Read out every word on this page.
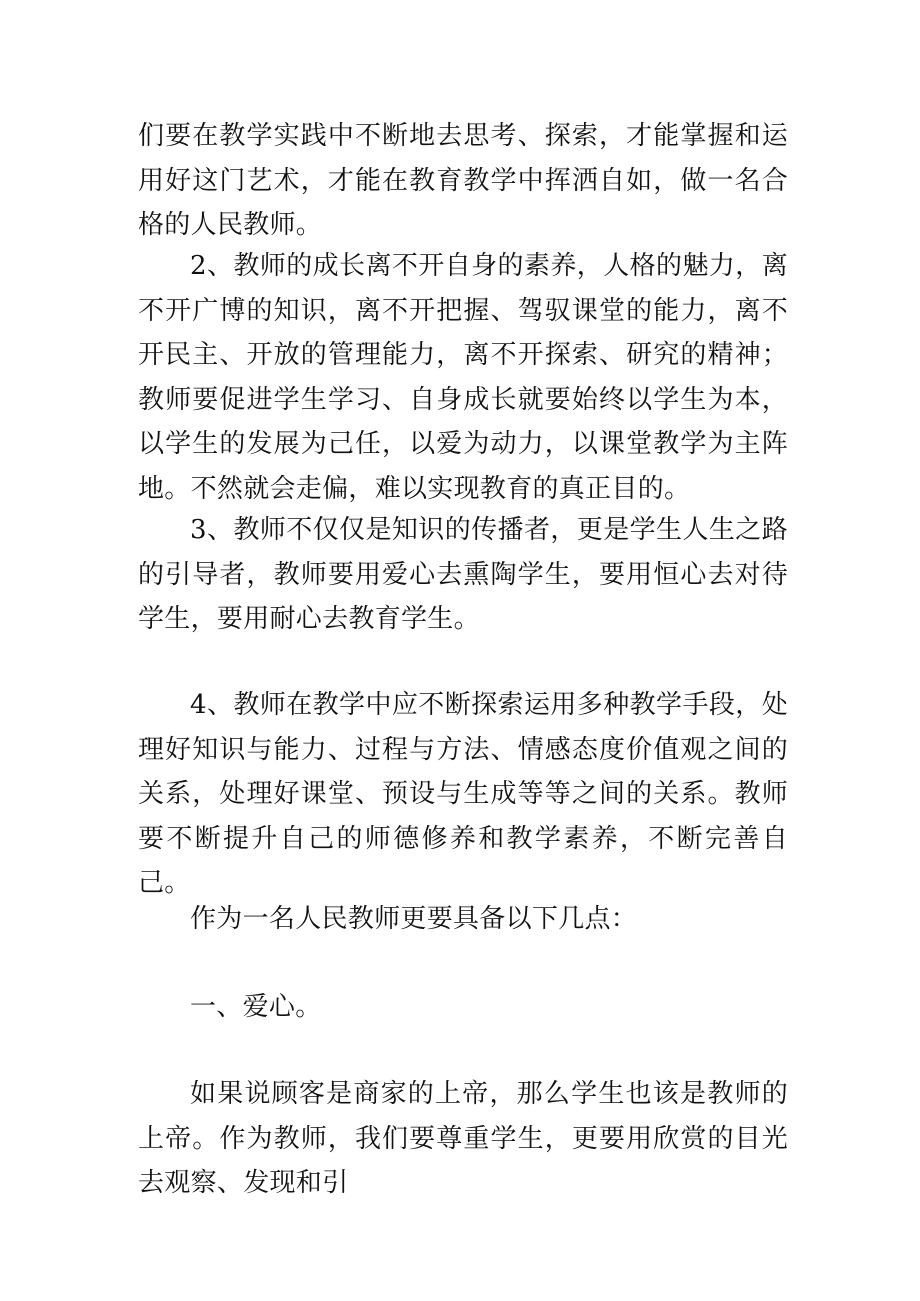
们要在教学实践中不断地去思考、探索，才能掌握和运用好这门艺术，才能在教育教学中挥洒自如，做一名合格的人民教师。

2、教师的成长离不开自身的素养，人格的魅力，离不开广博的知识，离不开把握、驾驭课堂的能力，离不开民主、开放的管理能力，离不开探索、研究的精神；教师要促进学生学习、自身成长就要始终以学生为本，以学生的发展为己任，以爱为动力，以课堂教学为主阵地。不然就会走偏，难以实现教育的真正目的。

3、教师不仅仅是知识的传播者，更是学生人生之路的引导者，教师要用爱心去熏陶学生，要用恒心去对待学生，要用耐心去教育学生。

4、教师在教学中应不断探索运用多种教学手段，处理好知识与能力、过程与方法、情感态度价值观之间的关系，处理好课堂、预设与生成等等之间的关系。教师要不断提升自己的师德修养和教学素养，不断完善自己。

作为一名人民教师更要具备以下几点：

一、爱心。

如果说顾客是商家的上帝，那么学生也该是教师的上帝。作为教师，我们要尊重学生，更要用欣赏的目光去观察、发现和引
